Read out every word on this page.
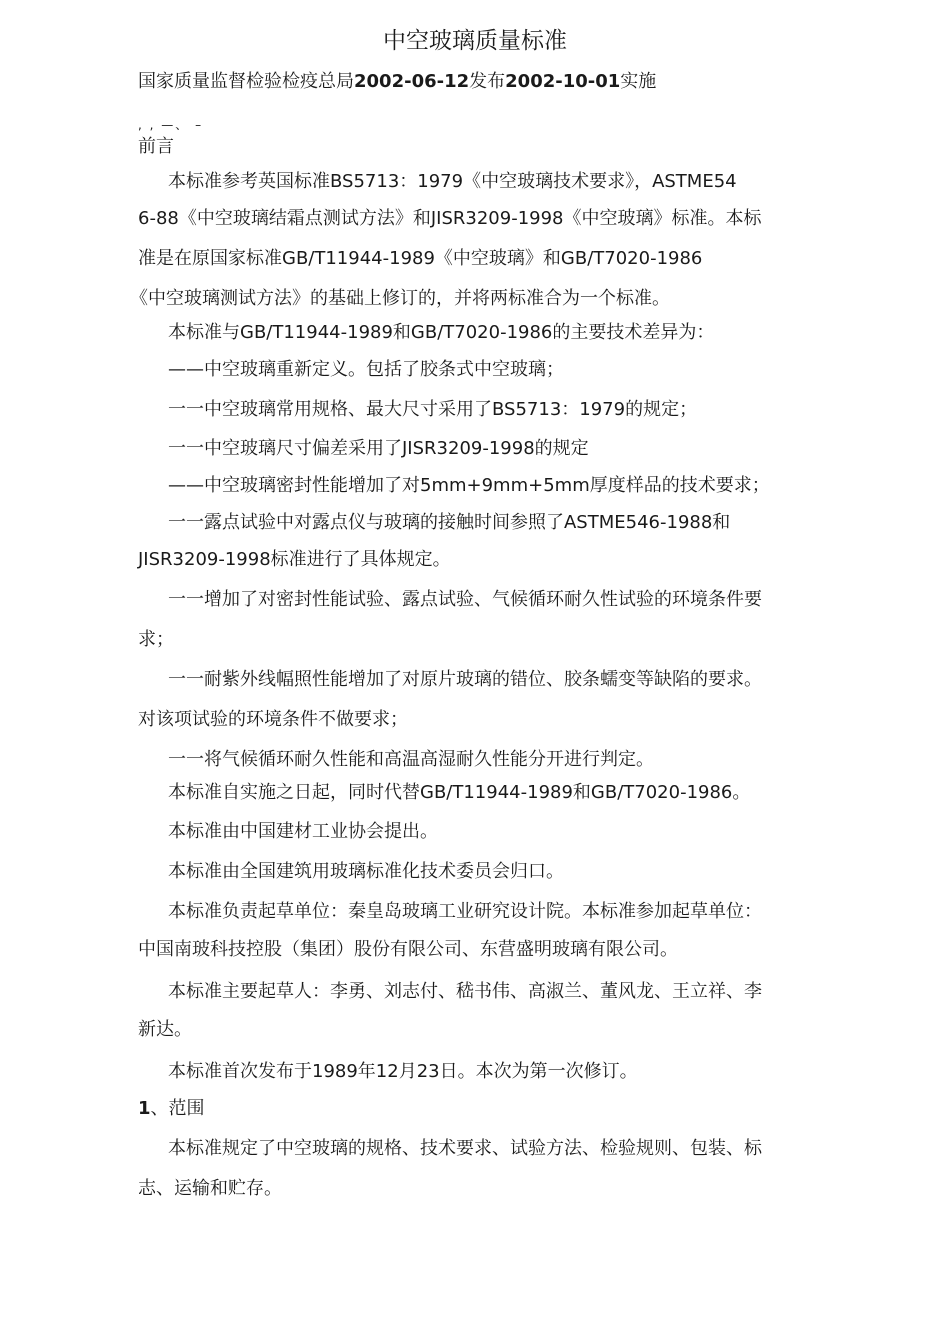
中空玻璃质量标准

国家质量监督检验检疫总局2002-06-12发布2002-10-01实施

, , —、 –

前言

本标准参考英国标准BS5713：1979《中空玻璃技术要求》，ASTME54

6-88《中空玻璃结霜点测试方法》和JISR3209-1998《中空玻璃》标准。本标

准是在原国家标准GB/T11944-1989《中空玻璃》和GB/T7020-1986

《中空玻璃测试方法》的基础上修订的，并将两标准合为一个标准。

本标准与GB/T11944-1989和GB/T7020-1986的主要技术差异为：

——中空玻璃重新定义。包括了胶条式中空玻璃；

一一中空玻璃常用规格、最大尺寸采用了BS5713：1979的规定；

一一中空玻璃尺寸偏差采用了JISR3209-1998的规定

——中空玻璃密封性能增加了对5mm+9mm+5mm厚度样品的技术要求；

一一露点试验中对露点仪与玻璃的接触时间参照了ASTME546-1988和

JISR3209-1998标准进行了具体规定。

一一增加了对密封性能试验、露点试验、气候循环耐久性试验的环境条件要

求；

一一耐紫外线幅照性能增加了对原片玻璃的错位、胶条蠕变等缺陷的要求。

对该项试验的环境条件不做要求；

一一将气候循环耐久性能和高温高湿耐久性能分开进行判定。

本标准自实施之日起，同时代替GB/T11944-1989和GB/T7020-1986。

本标准由中国建材工业协会提出。

本标准由全国建筑用玻璃标准化技术委员会归口。

本标准负责起草单位：秦皇岛玻璃工业研究设计院。本标准参加起草单位：

中国南玻科技控股（集团）股份有限公司、东营盛明玻璃有限公司。

本标准主要起草人：李勇、刘志付、嵇书伟、高淑兰、董风龙、王立祥、李

新达。

本标准首次发布于1989年12月23日。本次为第一次修订。

1、范围

本标准规定了中空玻璃的规格、技术要求、试验方法、检验规则、包装、标

志、运输和贮存。
